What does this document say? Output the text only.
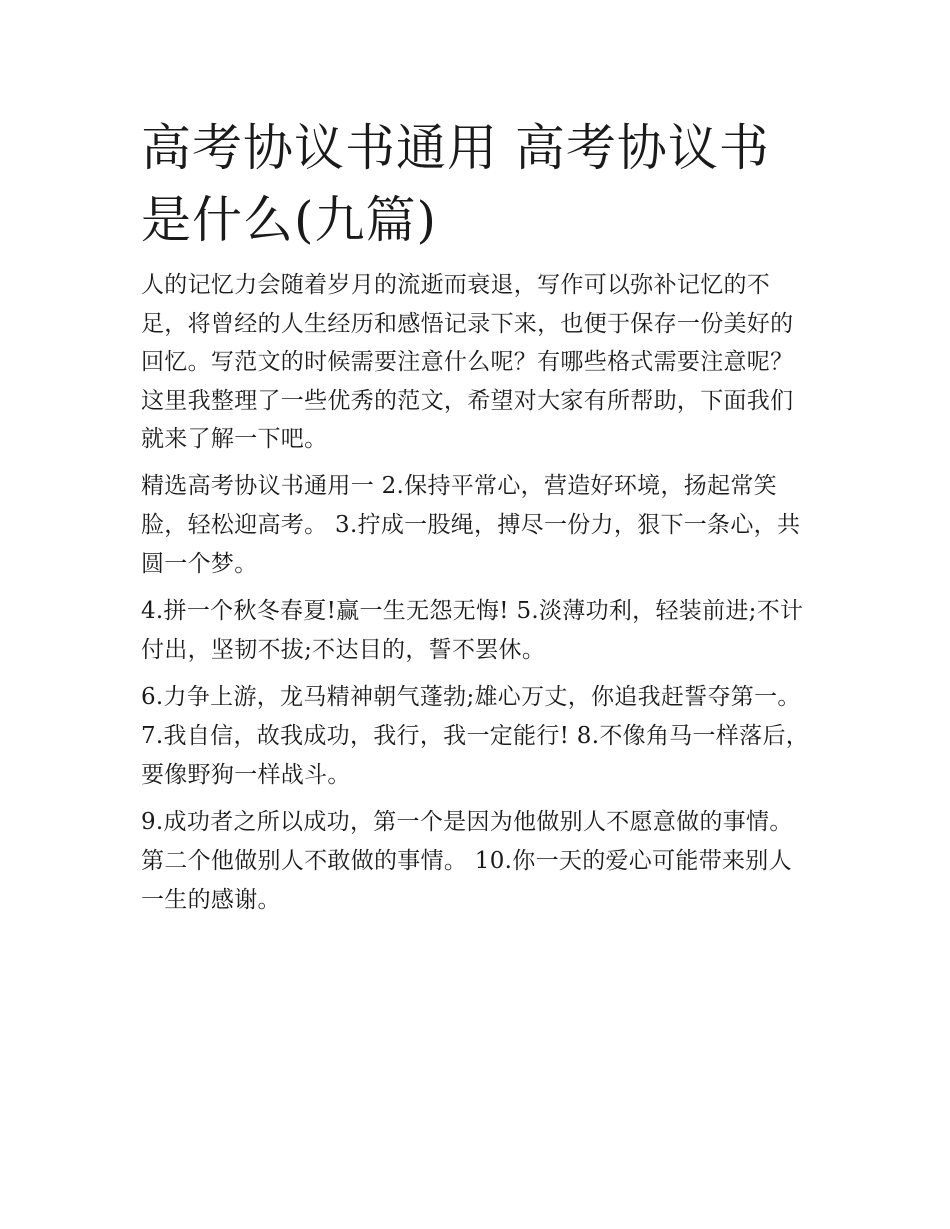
高考协议书通用 高考协议书是什么(九篇)

人的记忆力会随着岁月的流逝而衰退，写作可以弥补记忆的不足，将曾经的人生经历和感悟记录下来，也便于保存一份美好的回忆。写范文的时候需要注意什么呢？有哪些格式需要注意呢？这里我整理了一些优秀的范文，希望对大家有所帮助，下面我们就来了解一下吧。

精选高考协议书通用一 2.保持平常心，营造好环境，扬起常笑脸，轻松迎高考。 3.拧成一股绳，搏尽一份力，狠下一条心，共圆一个梦。

4.拼一个秋冬春夏!赢一生无怨无悔! 5.淡薄功利，轻装前进;不计付出，坚韧不拔;不达目的，誓不罢休。

6.力争上游，龙马精神朝气蓬勃;雄心万丈，你追我赶誓夺第一。 7.我自信，故我成功，我行，我一定能行! 8.不像角马一样落后，要像野狗一样战斗。

9.成功者之所以成功，第一个是因为他做别人不愿意做的事情。第二个他做别人不敢做的事情。 10.你一天的爱心可能带来别人一生的感谢。
